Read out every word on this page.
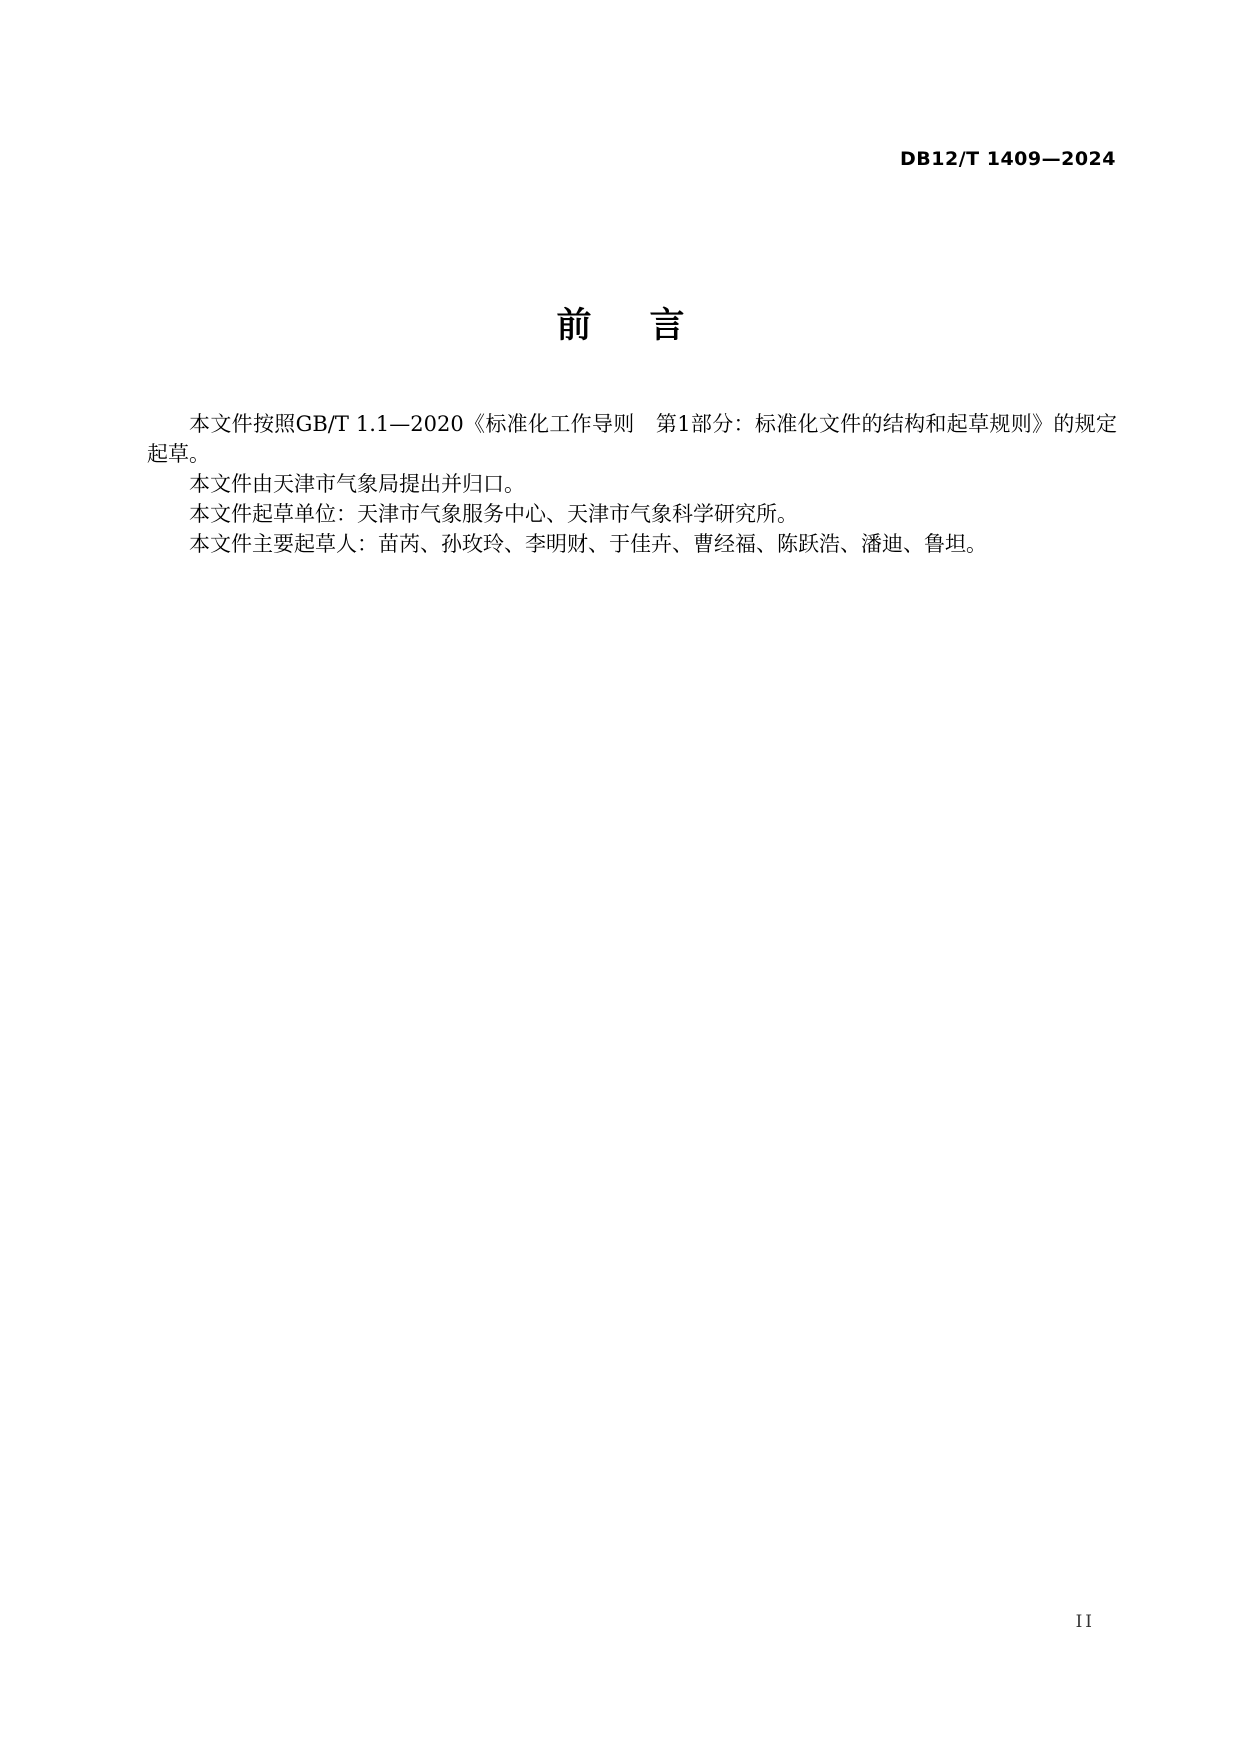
DB12/T 1409—2024
前言

本文件按照GB/T 1.1—2020《标准化工作导则　第1部分：标准化文件的结构和起草规则》的规定起草。

本文件由天津市气象局提出并归口。

本文件起草单位：天津市气象服务中心、天津市气象科学研究所。

本文件主要起草人：苗芮、孙玫玲、李明财、于佳卉、曹经福、陈跃浩、潘迪、鲁坦。

II
